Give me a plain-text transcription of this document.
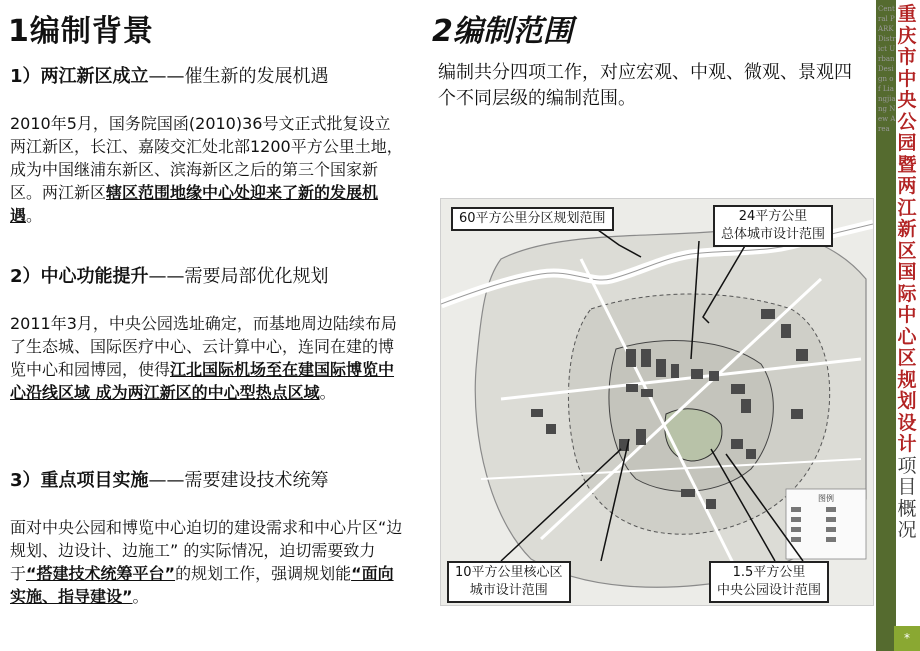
1编制背景
1）两江新区成立——催生新的发展机遇
2010年5月，国务院国函(2010)36号文正式批复设立两江新区，长江、嘉陵交汇处北部1200平方公里土地，成为中国继浦东新区、滨海新区之后的第三个国家新区。两江新区辖区范围地缘中心处迎来了新的发展机遇。
2）中心功能提升——需要局部优化规划
2011年3月，中央公园选址确定，而基地周边陆续布局了生态城、国际医疗中心、云计算中心，连同在建的博览中心和园博园，使得江北国际机场至在建国际博览中心沿线区域 成为两江新区的中心型热点区域。
3）重点项目实施——需要建设技术统筹
面对中央公园和博览中心迫切的建设需求和中心片区“边规划、边设计、边施工” 的实际情况，迫切需要致力于“搭建技术统筹平台”的规划工作，强调规划能“面向实施、指导建设”。
2编制范围
编制共分四项工作，对应宏观、中观、微观、景观四个不同层级的编制范围。
图例
60平方公里分区规划范围	24平方公里
总体城市设计范围
10平方公里核心区
城市设计范围
1.5平方公里
中央公园设计范围
Central PARK District Urban Design of Liangjiang New Area
重
庆
市
中
央
公
园
暨
两
江
新
区
国
际
中
心
区
规
划
设
计
项
目
概
况
*
